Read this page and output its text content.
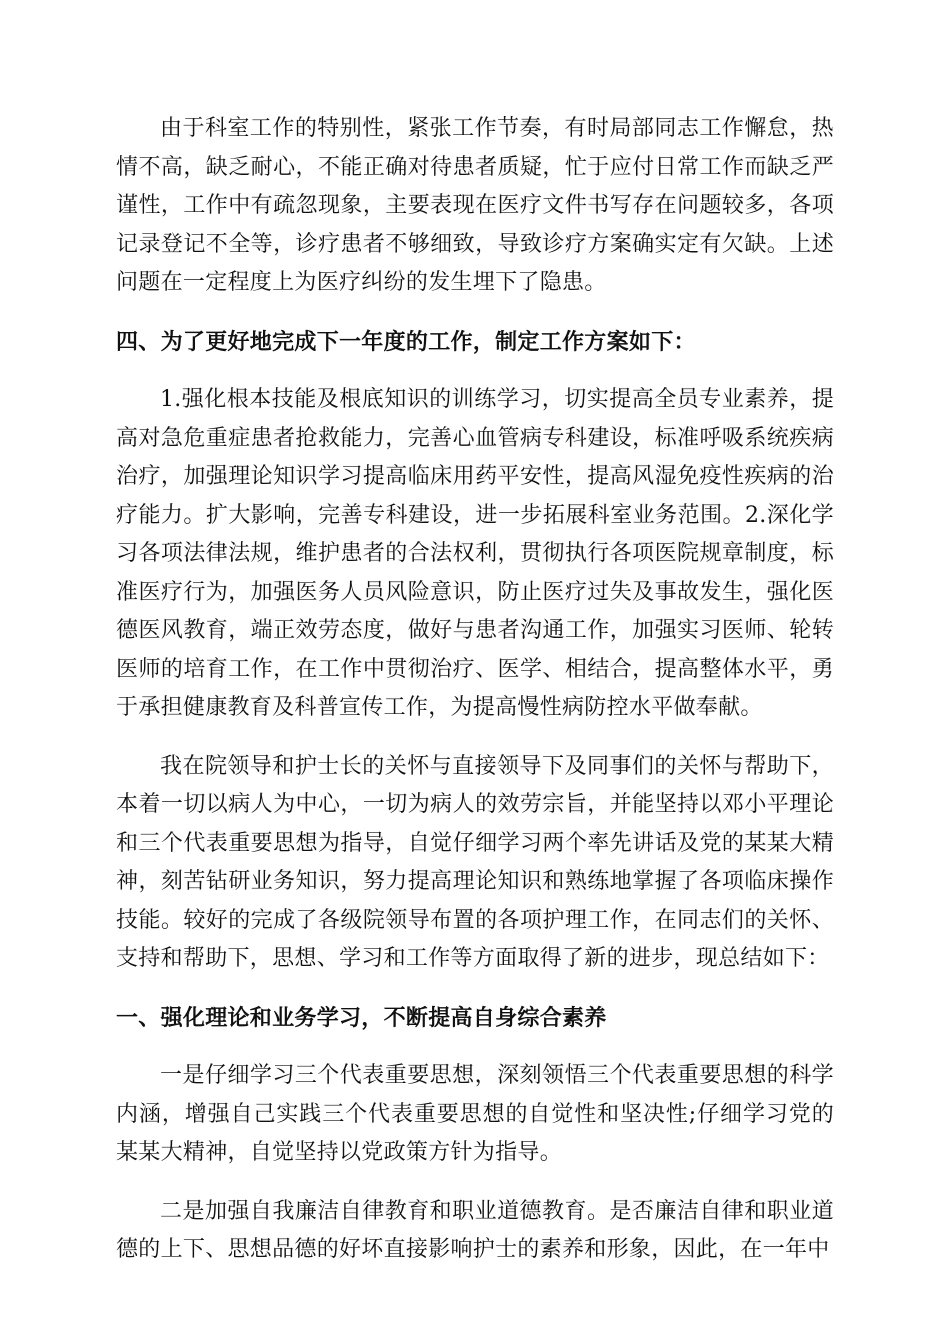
由于科室工作的特别性，紧张工作节奏，有时局部同志工作懈怠，热情不高，缺乏耐心，不能正确对待患者质疑，忙于应付日常工作而缺乏严谨性，工作中有疏忽现象，主要表现在医疗文件书写存在问题较多，各项记录登记不全等，诊疗患者不够细致，导致诊疗方案确实定有欠缺。上述问题在一定程度上为医疗纠纷的发生埋下了隐患。

四、为了更好地完成下一年度的工作，制定工作方案如下：

1.强化根本技能及根底知识的训练学习，切实提高全员专业素养，提高对急危重症患者抢救能力，完善心血管病专科建设，标准呼吸系统疾病治疗，加强理论知识学习提高临床用药平安性，提高风湿免疫性疾病的治疗能力。扩大影响，完善专科建设，进一步拓展科室业务范围。2.深化学习各项法律法规，维护患者的合法权利，贯彻执行各项医院规章制度，标准医疗行为，加强医务人员风险意识，防止医疗过失及事故发生，强化医德医风教育，端正效劳态度，做好与患者沟通工作，加强实习医师、轮转医师的培育工作，在工作中贯彻治疗、医学、相结合，提高整体水平，勇于承担健康教育及科普宣传工作，为提高慢性病防控水平做奉献。

我在院领导和护士长的关怀与直接领导下及同事们的关怀与帮助下，本着一切以病人为中心，一切为病人的效劳宗旨，并能坚持以邓小平理论和三个代表重要思想为指导，自觉仔细学习两个率先讲话及党的某某大精神，刻苦钻研业务知识，努力提高理论知识和熟练地掌握了各项临床操作技能。较好的完成了各级院领导布置的各项护理工作，在同志们的关怀、支持和帮助下，思想、学习和工作等方面取得了新的进步，现总结如下：

一、强化理论和业务学习，不断提高自身综合素养

一是仔细学习三个代表重要思想，深刻领悟三个代表重要思想的科学内涵，增强自己实践三个代表重要思想的自觉性和坚决性;仔细学习党的某某大精神，自觉坚持以党政策方针为指导。

二是加强自我廉洁自律教育和职业道德教育。是否廉洁自律和职业道德的上下、思想品德的好坏直接影响护士的素养和形象，因此，在一年中
